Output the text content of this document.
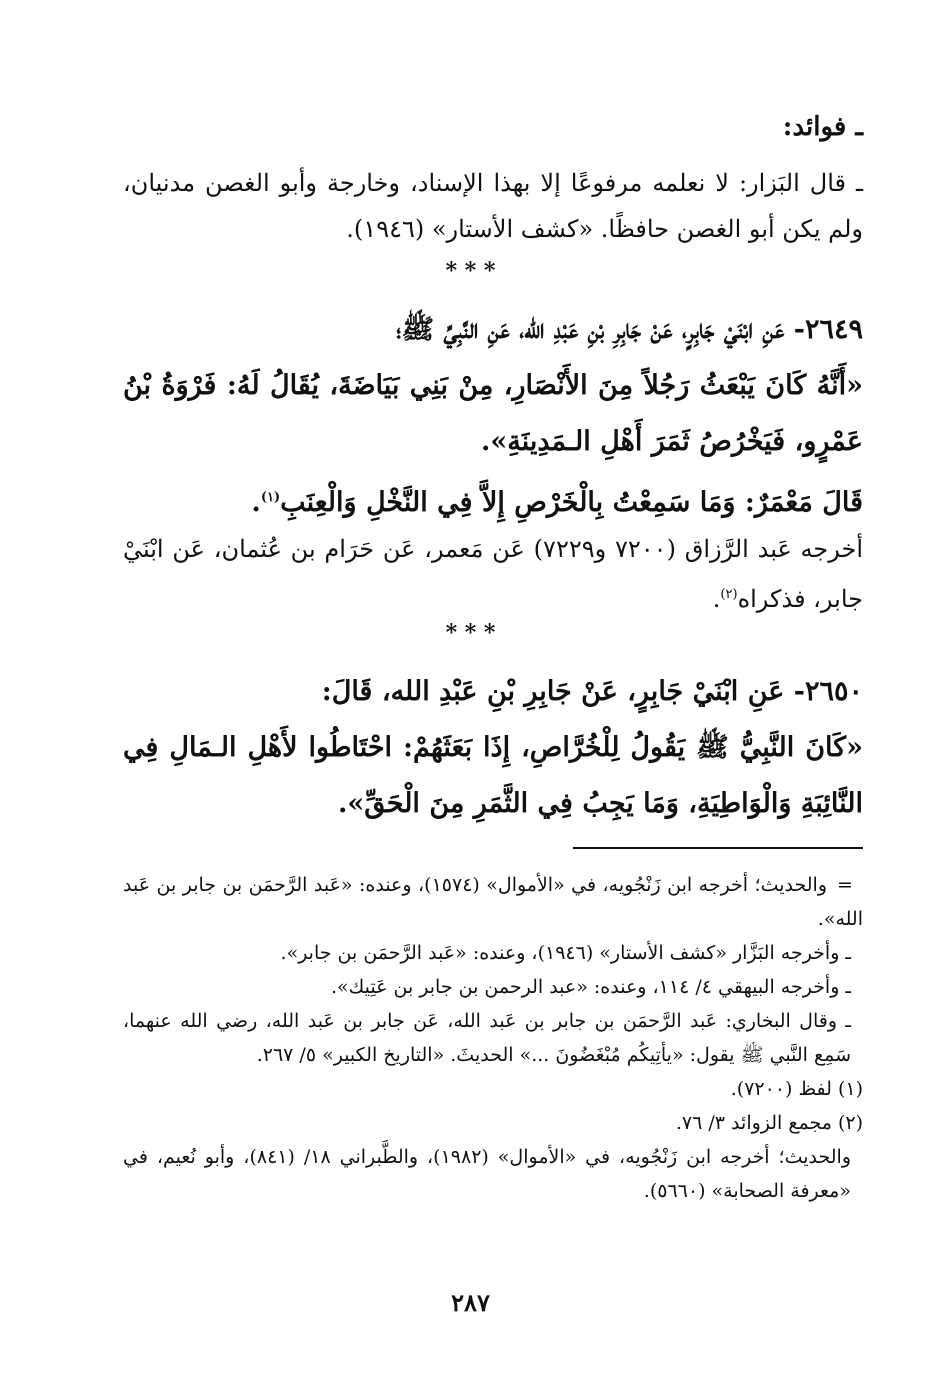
ـ فوائد:
ـ قال البَزار: لا نعلمه مرفوعًا إلا بهذا الإسناد، وخارجة وأبو الغصن مدنيان، ولم يكن أبو الغصن حافظًا. «كشف الأستار» (١٩٤٦).
* * *
٢٦٤٩- عَنِ ابْنَيْ جَابِرٍ، عَنْ جَابِرِ بْنِ عَبْدِ الله، عَنِ النَّبِيِّ ﷺ؛
«أَنَّهُ كَانَ يَبْعَثُ رَجُلاً مِنَ الأَنْصَارِ، مِنْ بَنِي بَيَاضَةَ، يُقَالُ لَهُ: فَرْوَةُ بْنُ عَمْرٍو، فَيَخْرُصُ ثَمَرَ أَهْلِ الـمَدِينَةِ».
قَالَ مَعْمَرٌ: وَمَا سَمِعْتُ بِالْخَرْصِ إِلاَّ فِي النَّخْلِ وَالْعِنَبِ$^{(١)}$.
أخرجه عَبد الرَّزاق (٧٢٠٠ و٧٢٢٩) عَن مَعمر، عَن حَرَام بن عُثمان، عَن ابْنَيْ جابر، فذكراه$^{(٢)}$.
* * *
٢٦٥٠- عَنِ ابْنَيْ جَابِرٍ، عَنْ جَابِرِ بْنِ عَبْدِ الله، قَالَ:
«كَانَ النَّبِيُّ ﷺ يَقُولُ لِلْخُرَّاصِ، إِذَا بَعَثَهُمْ: احْتَاطُوا لأَهْلِ الـمَالِ فِي النَّائِبَةِ وَالْوَاطِيَةِ، وَمَا يَجِبُ فِي الثَّمَرِ مِنَ الْحَقِّ».

=والحديث؛ أخرجه ابن زَنْجُويه، في «الأموال» (١٥٧٤)، وعنده: «عَبد الرَّحمَن بن جابر بن عَبد الله».

ـ وأخرجه البَزَّار «كشف الأستار» (١٩٤٦)، وعنده: «عَبد الرَّحمَن بن جابر».

ـ وأخرجه البيهقي ٤/ ١١٤، وعنده: «عبد الرحمن بن جابر بن عَتِيك».

ـ وقال البخاري: عَبد الرَّحمَن بن جابر بن عَبد الله، عَن جابر بن عَبد الله، رضي الله عنهما، سَمِع النَّبي ﷺ يقول: «يأتِيكُم مُبْغَضُونَ ...» الحديثَ. «التاريخ الكبير» ٥/ ٢٦٧.

(١) لفظ (٧٢٠٠).

(٢) مجمع الزوائد ٣/ ٧٦.

والحديث؛ أخرجه ابن زَنْجُويه، في «الأموال» (١٩٨٢)، والطَّبراني ١٨/ (٨٤١)، وأبو نُعيم، في «معرفة الصحابة» (٥٦٦٠).

٢٨٧
